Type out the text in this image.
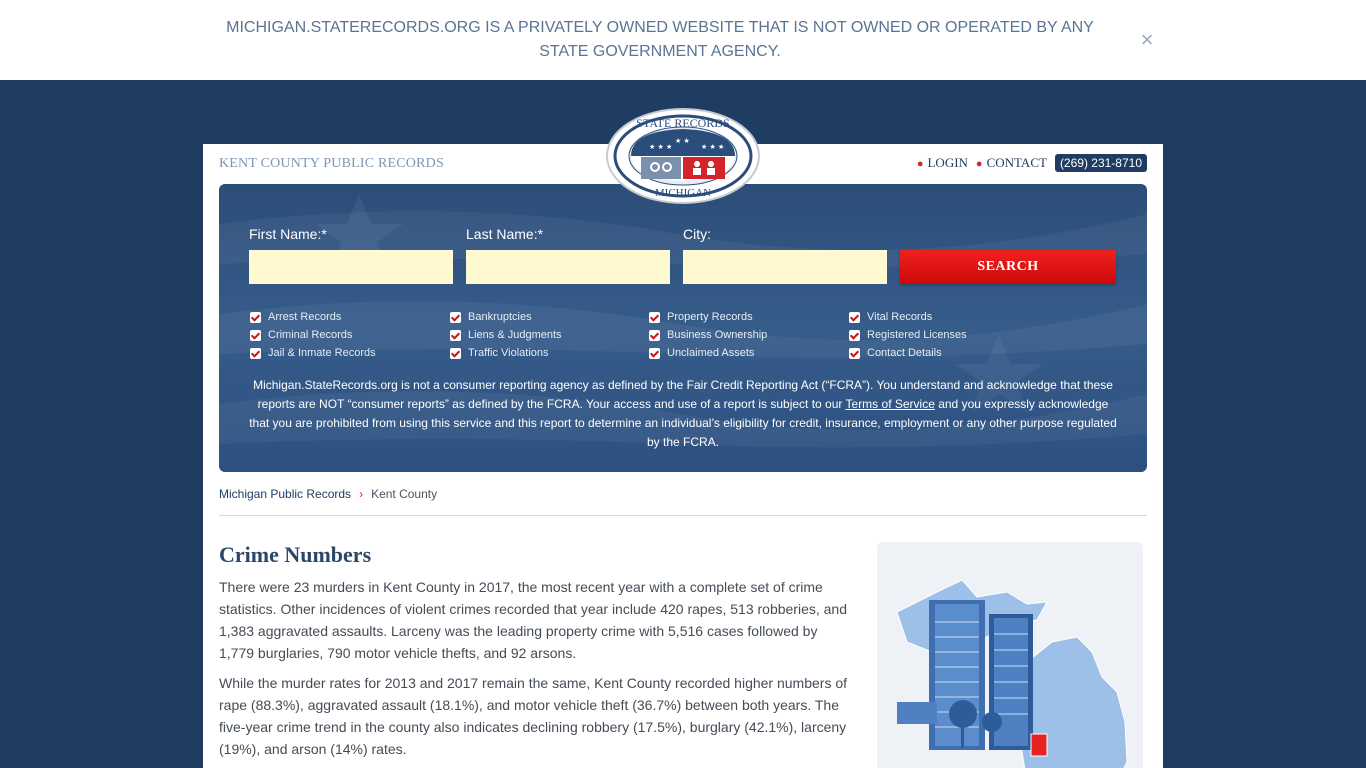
MICHIGAN.STATERECORDS.ORG IS A PRIVATELY OWNED WEBSITE THAT IS NOT OWNED OR OPERATED BY ANY STATE GOVERNMENT AGENCY.	×
KENT COUNTY PUBLIC RECORDS	● LOGIN ● CONTACT	(269) 231-8710
First Name:*	Last Name:*	City:
SEARCH
Arrest Records
Criminal Records
Jail & Inmate Records
Bankruptcies
Liens & Judgments
Traffic Violations
Property Records
Business Ownership
Unclaimed Assets
Vital Records
Registered Licenses
Contact Details
Michigan.StateRecords.org is not a consumer reporting agency as defined by the Fair Credit Reporting Act (“FCRA”). You understand and acknowledge that these reports are NOT “consumer reports” as defined by the FCRA. Your access and use of a report is subject to our Terms of Service and you expressly acknowledge that you are prohibited from using this service and this report to determine an individual’s eligibility for credit, insurance, employment or any other purpose regulated by the FCRA.
Michigan Public Records › Kent County
Crime Numbers

There were 23 murders in Kent County in 2017, the most recent year with a complete set of crime statistics. Other incidences of violent crimes recorded that year include 420 rapes, 513 robberies, and 1,383 aggravated assaults. Larceny was the leading property crime with 5,516 cases followed by 1,779 burglaries, 790 motor vehicle thefts, and 92 arsons.

While the murder rates for 2013 and 2017 remain the same, Kent County recorded higher numbers of rape (88.3%), aggravated assault (18.1%), and motor vehicle theft (36.7%) between both years. The five-year crime trend in the county also indicates declining robbery (17.5%), burglary (42.1%), larceny (19%), and arson (14%) rates.

★ ★ ★
★ ★
★ ★ ★
STATE RECORDS
MICHIGAN
